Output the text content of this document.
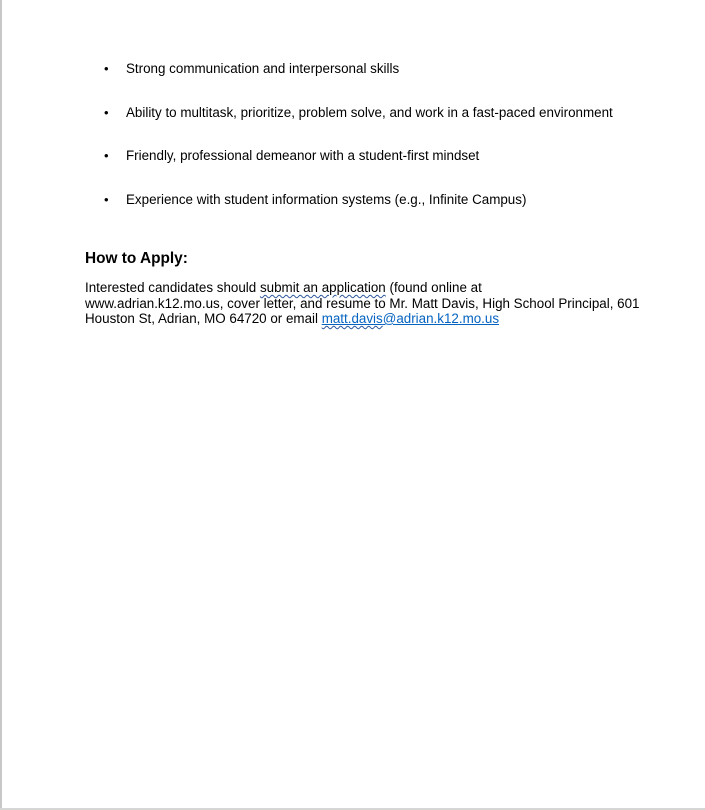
•	Strong communication and interpersonal skills
•	Ability to multitask, prioritize, problem solve, and work in a fast-paced environment
•	Friendly, professional demeanor with a student-first mindset
•	Experience with student information systems (e.g., Infinite Campus)
How to Apply:

Interested candidates should submit an application (found online at
www.adrian.k12.mo.us, cover letter, and resume to Mr. Matt Davis, High School Principal, 601 Houston St, Adrian, MO 64720 or email matt.davis@adrian.k12.mo.us
